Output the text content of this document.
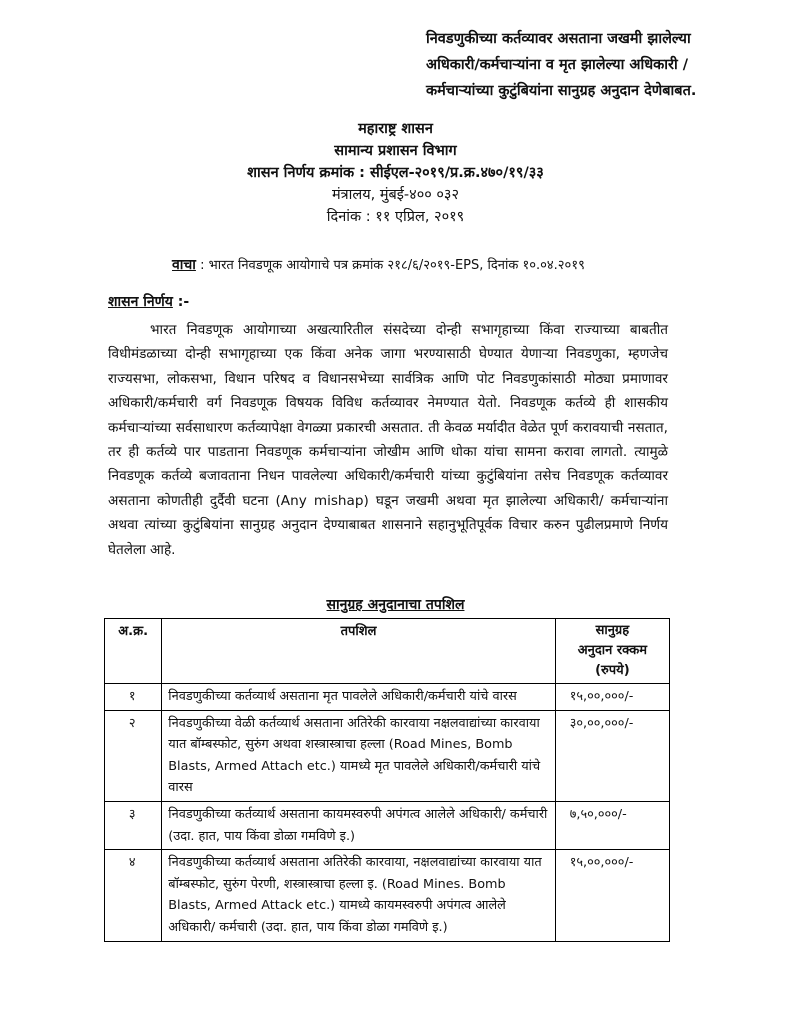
निवडणुकीच्या कर्तव्यावर असताना जखमी झालेल्या
अधिकारी/कर्मचाऱ्यांना व मृत झालेल्या अधिकारी /
कर्मचाऱ्यांच्या कुटुंबियांना सानुग्रह अनुदान देणेबाबत.
महाराष्ट्र शासन
सामान्य प्रशासन विभाग
शासन निर्णय क्रमांक : सीईएल-२०१९/प्र.क्र.४७०/१९/३३
मंत्रालय, मुंबई-४०० ०३२
दिनांक : ११ एप्रिल, २०१९
वाचा : भारत निवडणूक आयोगाचे पत्र क्रमांक २१८/६/२०१९-EPS, दिनांक १०.०४.२०१९
शासन निर्णय :-

भारत निवडणूक आयोगाच्या अखत्यारितील संसदेच्या दोन्ही सभागृहाच्या किंवा राज्याच्या बाबतीत विधीमंडळाच्या दोन्ही सभागृहाच्या एक किंवा अनेक जागा भरण्यासाठी घेण्यात येणाऱ्या निवडणुका, म्हणजेच राज्यसभा, लोकसभा, विधान परिषद व विधानसभेच्या सार्वत्रिक आणि पोट निवडणुकांसाठी मोठ्या प्रमाणावर अधिकारी/कर्मचारी वर्ग निवडणूक विषयक विविध कर्तव्यावर नेमण्यात येतो. निवडणूक कर्तव्ये ही शासकीय कर्मचाऱ्यांच्या सर्वसाधारण कर्तव्यापेक्षा वेगळ्या प्रकारची असतात. ती केवळ मर्यादीत वेळेत पूर्ण करावयाची नसतात, तर ही कर्तव्ये पार पाडताना निवडणूक कर्मचाऱ्यांना जोखीम आणि धोका यांचा सामना करावा लागतो. त्यामुळे निवडणूक कर्तव्ये बजावताना निधन पावलेल्या अधिकारी/कर्मचारी यांच्या कुटुंबियांना तसेच निवडणूक कर्तव्यावर असताना कोणतीही दुर्दैवी घटना (Any mishap) घडून जखमी अथवा मृत झालेल्या अधिकारी/ कर्मचाऱ्यांना अथवा त्यांच्या कुटुंबियांना सानुग्रह अनुदान देण्याबाबत शासनाने सहानुभूतिपूर्वक विचार करुन पुढीलप्रमाणे निर्णय घेतलेला आहे.

सानुग्रह अनुदानाचा तपशिल
अ.क्र.	तपशिल	सानुग्रह
अनुदान रक्कम
(रुपये)

१	निवडणुकीच्या कर्तव्यार्थ असताना मृत पावलेले अधिकारी/कर्मचारी यांचे वारस	१५,००,०००/-
२	निवडणुकीच्या वेळी कर्तव्यार्थ असताना अतिरेकी कारवाया नक्षलवाद्यांच्या कारवाया यात बॉम्बस्फोट, सुरुंग अथवा शस्त्रास्त्राचा हल्ला (Road Mines, Bomb Blasts, Armed Attach etc.) यामध्ये मृत पावलेले अधिकारी/कर्मचारी यांचे वारस	३०,००,०००/-
३	निवडणुकीच्या कर्तव्यार्थ असताना कायमस्वरुपी अपंगत्व आलेले अधिकारी/ कर्मचारी (उदा. हात, पाय किंवा डोळा गमविणे इ.)	७,५०,०००/-
४	निवडणुकीच्या कर्तव्यार्थ असताना अतिरेकी कारवाया, नक्षलवाद्यांच्या कारवाया यात बॉम्बस्फोट, सुरुंग पेरणी, शस्त्रास्त्राचा हल्ला इ. (Road Mines. Bomb Blasts, Armed Attack etc.) यामध्ये कायमस्वरुपी अपंगत्व आलेले अधिकारी/ कर्मचारी (उदा. हात, पाय किंवा डोळा गमविणे इ.)	१५,००,०००/-
